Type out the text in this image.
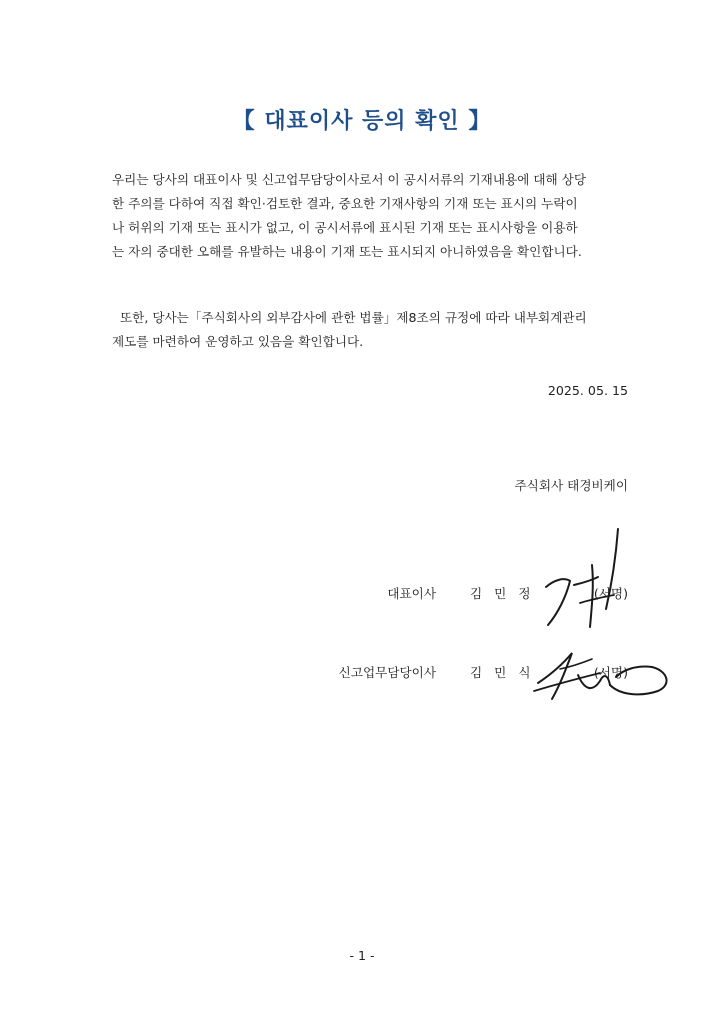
【 대표이사 등의 확인 】
우리는 당사의 대표이사 및 신고업무담당이사로서 이 공시서류의 기재내용에 대해 상당
한 주의를 다하여 직접 확인·검토한 결과, 중요한 기재사항의 기재 또는 표시의 누락이
나 허위의 기재 또는 표시가 없고, 이 공시서류에 표시된 기재 또는 표시사항을 이용하
는 자의 중대한 오해를 유발하는 내용이 기재 또는 표시되지 아니하였음을 확인합니다.
또한, 당사는「주식회사의 외부감사에 관한 법률」제8조의 규정에 따라 내부회계관리
제도를 마련하여 운영하고 있음을 확인합니다.
2025. 05. 15
주식회사 태경비케이
대표이사	김 민 정	(서명)
신고업무담당이사	김 민 식	(서명)
- 1 -
